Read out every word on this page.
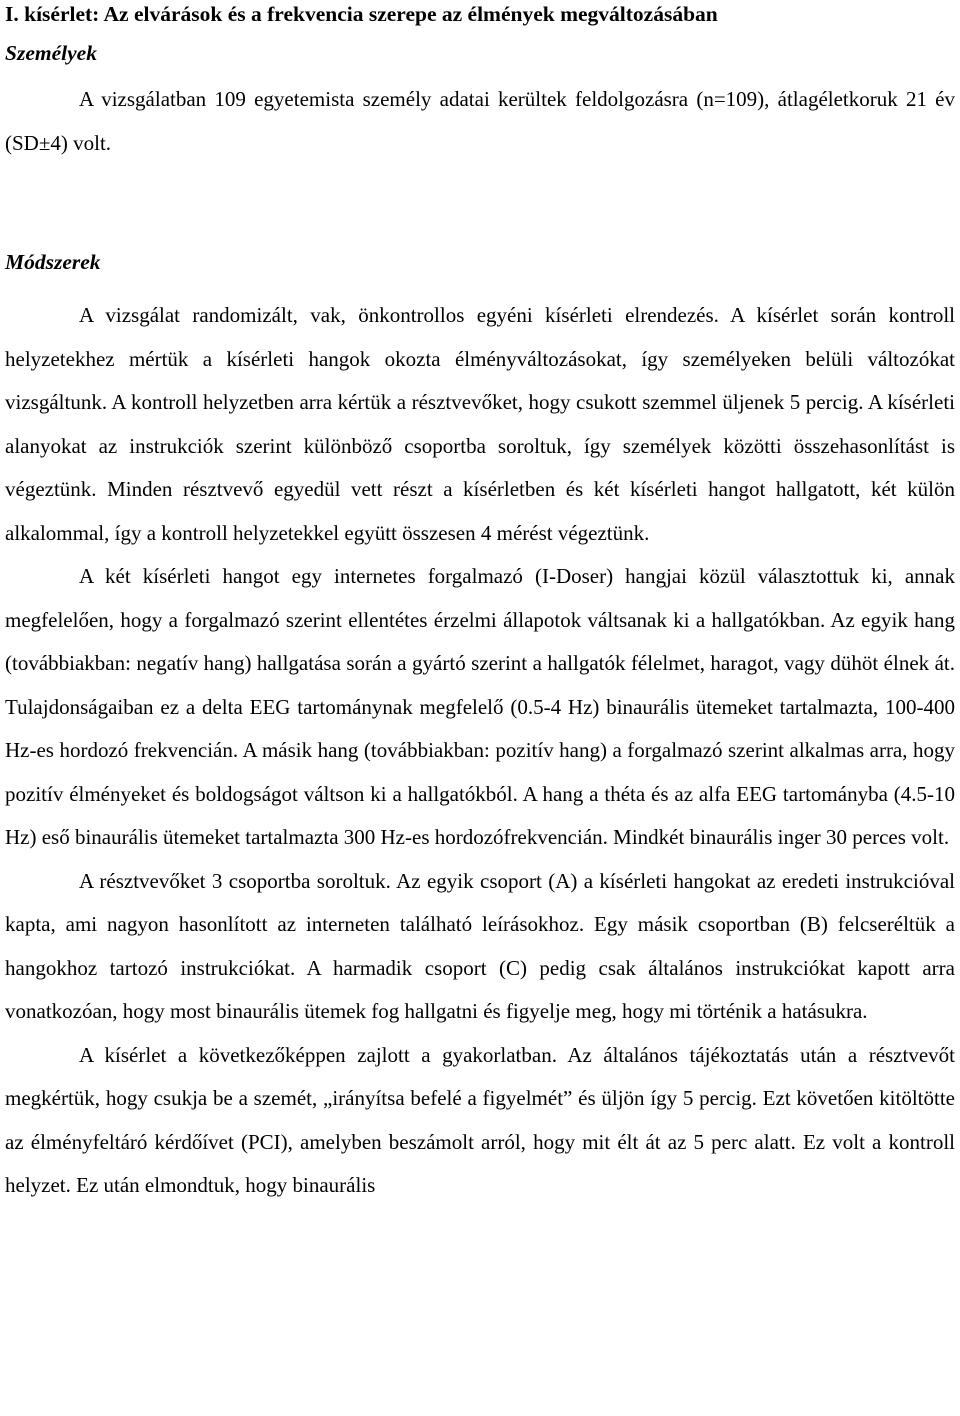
I. kísérlet: Az elvárások és a frekvencia szerepe az élmények megváltozásában
Személyek

A vizsgálatban 109 egyetemista személy adatai kerültek feldolgozásra (n=109), átlagéletkoruk 21 év (SD±4) volt.

Módszerek

A vizsgálat randomizált, vak, önkontrollos egyéni kísérleti elrendezés. A kísérlet során kontroll helyzetekhez mértük a kísérleti hangok okozta élményváltozásokat, így személyeken belüli változókat vizsgáltunk. A kontroll helyzetben arra kértük a résztvevőket, hogy csukott szemmel üljenek 5 percig. A kísérleti alanyokat az instrukciók szerint különböző csoportba soroltuk, így személyek közötti összehasonlítást is végeztünk. Minden résztvevő egyedül vett részt a kísérletben és két kísérleti hangot hallgatott, két külön alkalommal, így a kontroll helyzetekkel együtt összesen 4 mérést végeztünk.

A két kísérleti hangot egy internetes forgalmazó (I-Doser) hangjai közül választottuk ki, annak megfelelően, hogy a forgalmazó szerint ellentétes érzelmi állapotok váltsanak ki a hallgatókban. Az egyik hang (továbbiakban: negatív hang) hallgatása során a gyártó szerint a hallgatók félelmet, haragot, vagy dühöt élnek át. Tulajdonságaiban ez a delta EEG tartománynak megfelelő (0.5-4 Hz) binaurális ütemeket tartalmazta, 100-400 Hz-es hordozó frekvencián. A másik hang (továbbiakban: pozitív hang) a forgalmazó szerint alkalmas arra, hogy pozitív élményeket és boldogságot váltson ki a hallgatókból. A hang a théta és az alfa EEG tartományba (4.5-10 Hz) eső binaurális ütemeket tartalmazta 300 Hz-es hordozófrekvencián. Mindkét binaurális inger 30 perces volt.

A résztvevőket 3 csoportba soroltuk. Az egyik csoport (A) a kísérleti hangokat az eredeti instrukcióval kapta, ami nagyon hasonlított az interneten található leírásokhoz. Egy másik csoportban (B) felcseréltük a hangokhoz tartozó instrukciókat. A harmadik csoport (C) pedig csak általános instrukciókat kapott arra vonatkozóan, hogy most binaurális ütemek fog hallgatni és figyelje meg, hogy mi történik a hatásukra.

A kísérlet a következőképpen zajlott a gyakorlatban. Az általános tájékoztatás után a résztvevőt megkértük, hogy csukja be a szemét, „irányítsa befelé a figyelmét” és üljön így 5 percig. Ezt követően kitöltötte az élményfeltáró kérdőívet (PCI), amelyben beszámolt arról, hogy mit élt át az 5 perc alatt. Ez volt a kontroll helyzet. Ez után elmondtuk, hogy binaurális
